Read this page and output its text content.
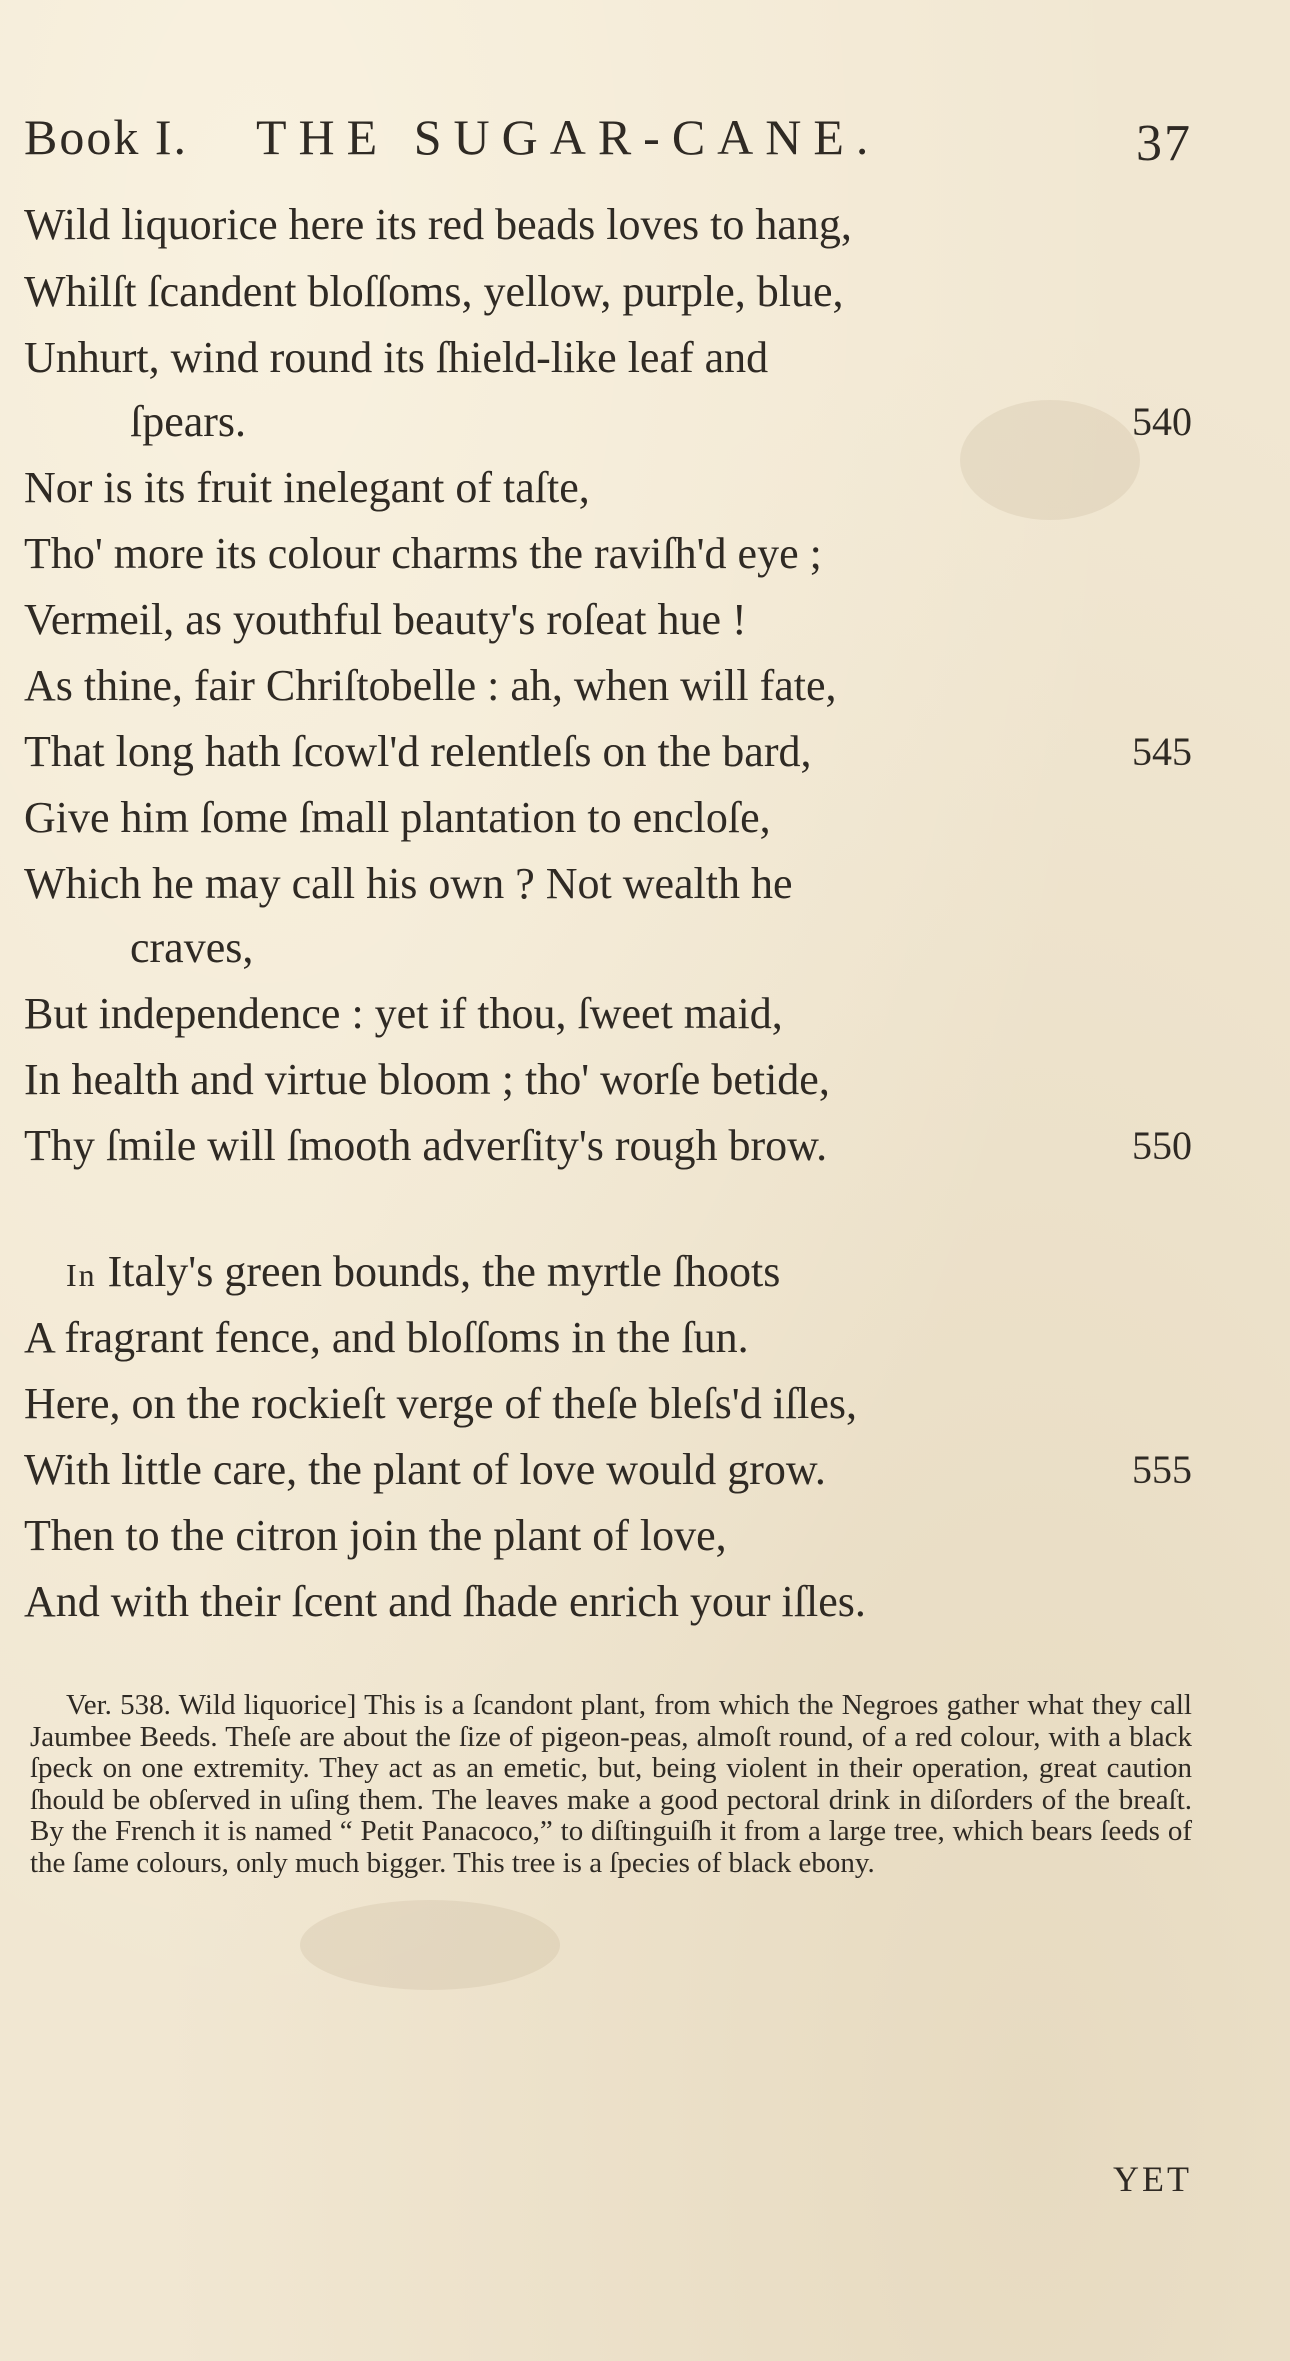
Book I. THE SUGAR-CANE.	37
Wild liquorice here its red beads loves to hang,
Whilſt ſcandent bloſſoms, yellow, purple, blue,
Unhurt, wind round its ſhield-like leaf and
ſpears.	540
Nor is its fruit inelegant of taſte,
Tho' more its colour charms the raviſh'd eye ;
Vermeil, as youthful beauty's roſeat hue !
As thine, fair Chriſtobelle : ah, when will fate,
That long hath ſcowl'd relentleſs on the bard,	545
Give him ſome ſmall plantation to encloſe,
Which he may call his own ? Not wealth he
craves,
But independence : yet if thou, ſweet maid,
In health and virtue bloom ; tho' worſe betide,
Thy ſmile will ſmooth adverſity's rough brow.	550
In Italy's green bounds, the myrtle ſhoots
A fragrant fence, and bloſſoms in the ſun.
Here, on the rockieſt verge of theſe bleſs'd iſles,
With little care, the plant of love would grow.	555
Then to the citron join the plant of love,
And with their ſcent and ſhade enrich your iſles.

Ver. 538. Wild liquorice] This is a ſcandont plant, from which the Negroes gather what they call Jaumbee Beeds. Theſe are about the ſize of pigeon-peas, almoſt round, of a red colour, with a black ſpeck on one extremity. They act as an emetic, but, being violent in their operation, great caution ſhould be obſerved in uſing them. The leaves make a good pectoral drink in diſorders of the breaſt. By the French it is named “ Petit Panacoco,” to diſtinguiſh it from a large tree, which bears ſeeds of the ſame colours, only much bigger. This tree is a ſpecies of black ebony.

YET
